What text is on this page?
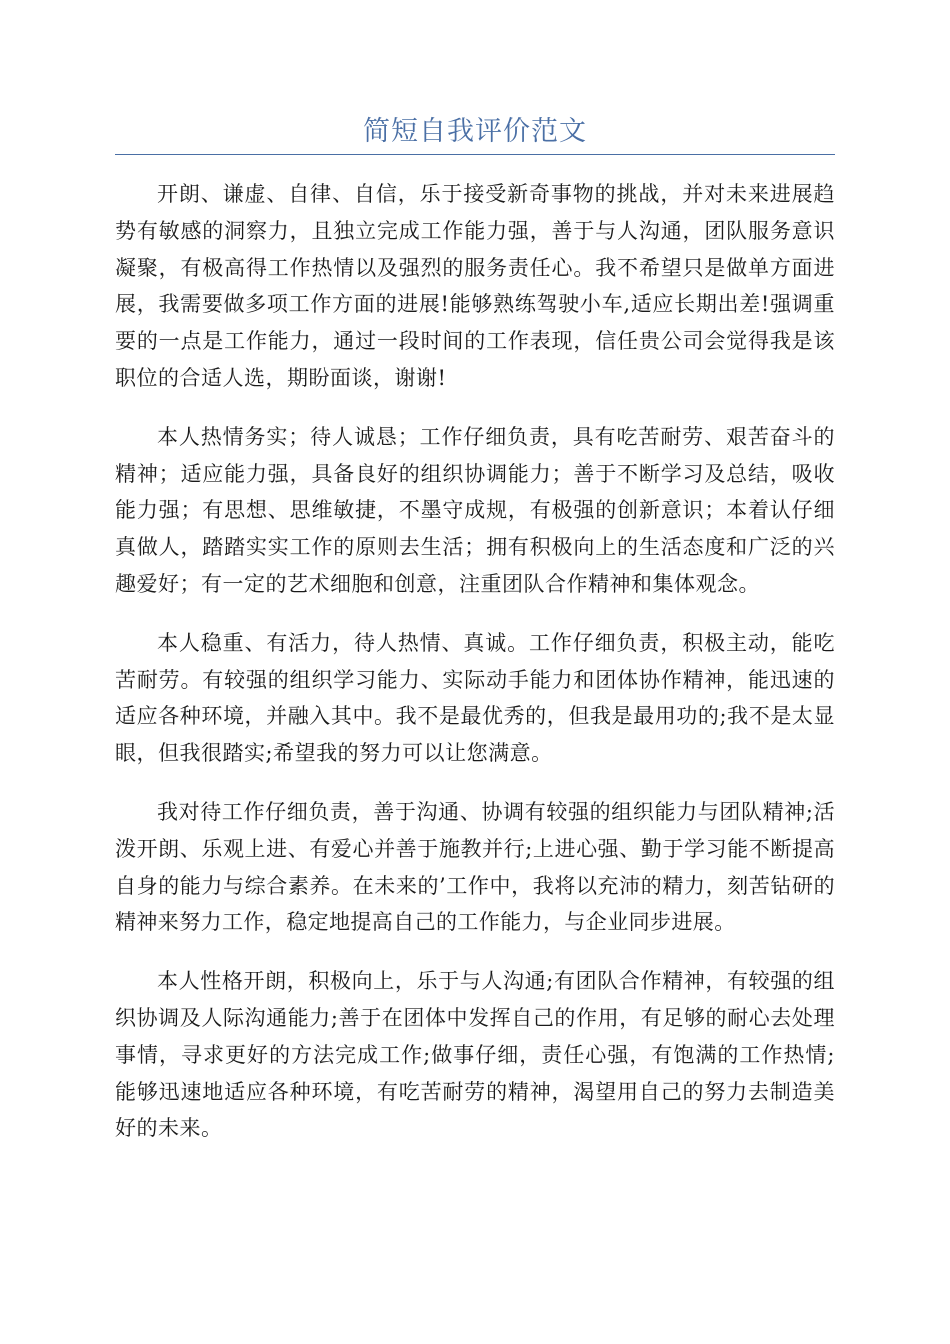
简短自我评价范文

开朗、谦虚、自律、自信，乐于接受新奇事物的挑战，并对未来进展趋势有敏感的洞察力，且独立完成工作能力强，善于与人沟通，团队服务意识凝聚，有极高得工作热情以及强烈的服务责任心。我不希望只是做单方面进展，我需要做多项工作方面的进展!能够熟练驾驶小车,适应长期出差!强调重要的一点是工作能力，通过一段时间的工作表现，信任贵公司会觉得我是该职位的合适人选，期盼面谈，谢谢!

本人热情务实；待人诚恳；工作仔细负责，具有吃苦耐劳、艰苦奋斗的精神；适应能力强，具备良好的组织协调能力；善于不断学习及总结，吸收能力强；有思想、思维敏捷，不墨守成规，有极强的创新意识；本着认仔细真做人，踏踏实实工作的原则去生活；拥有积极向上的生活态度和广泛的兴趣爱好；有一定的艺术细胞和创意，注重团队合作精神和集体观念。

本人稳重、有活力，待人热情、真诚。工作仔细负责，积极主动，能吃苦耐劳。有较强的组织学习能力、实际动手能力和团体协作精神，能迅速的适应各种环境，并融入其中。我不是最优秀的，但我是最用功的;我不是太显眼，但我很踏实;希望我的努力可以让您满意。

我对待工作仔细负责，善于沟通、协调有较强的组织能力与团队精神;活泼开朗、乐观上进、有爱心并善于施教并行;上进心强、勤于学习能不断提高自身的能力与综合素养。在未来的’工作中，我将以充沛的精力，刻苦钻研的精神来努力工作，稳定地提高自己的工作能力，与企业同步进展。

本人性格开朗，积极向上，乐于与人沟通;有团队合作精神，有较强的组织协调及人际沟通能力;善于在团体中发挥自己的作用，有足够的耐心去处理事情，寻求更好的方法完成工作;做事仔细，责任心强，有饱满的工作热情;能够迅速地适应各种环境，有吃苦耐劳的精神，渴望用自己的努力去制造美好的未来。
